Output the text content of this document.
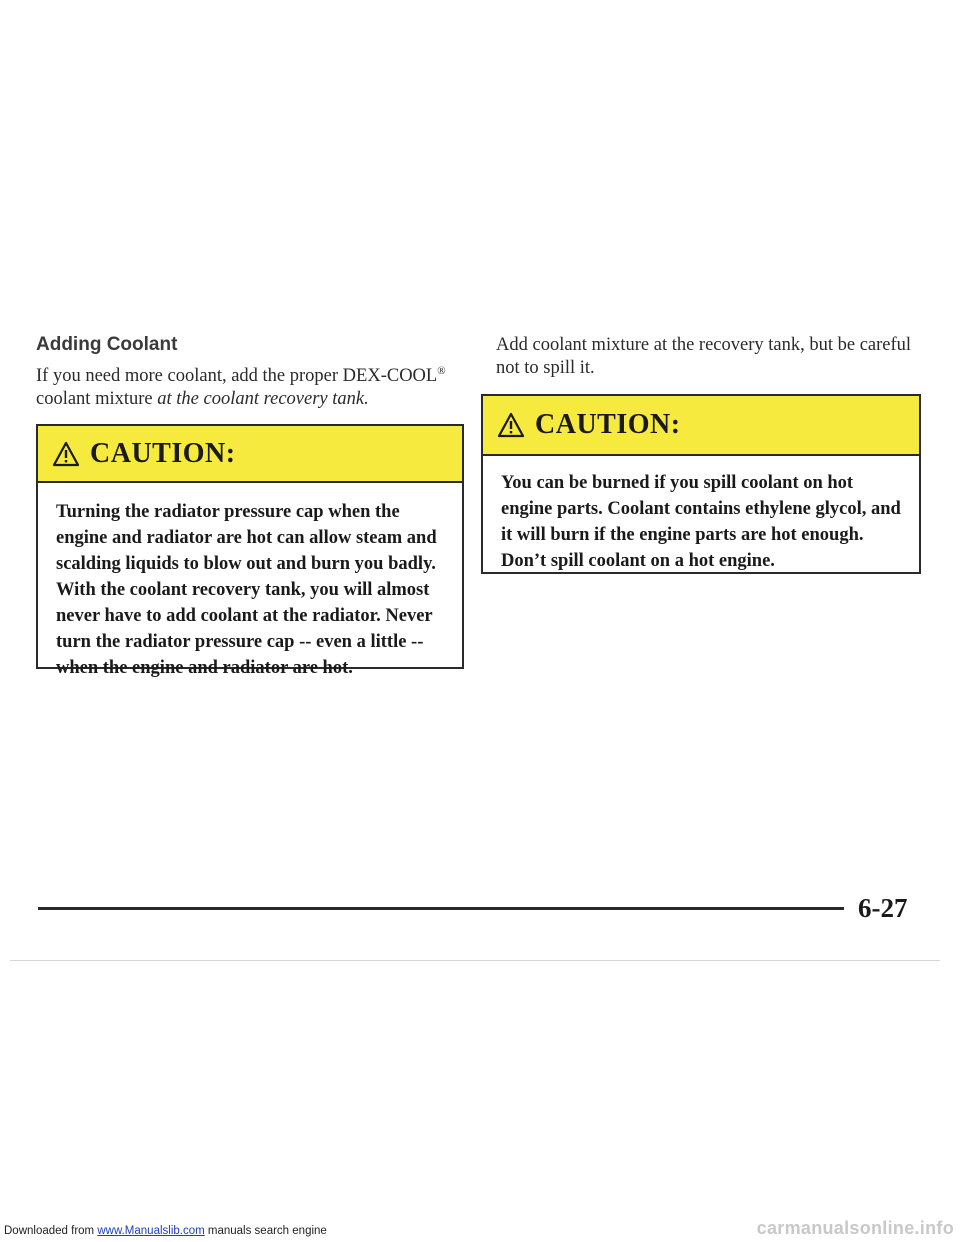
Adding Coolant
If you need more coolant, add the proper DEX-COOL®
coolant mixture at the coolant recovery tank.
CAUTION:
Turning the radiator pressure cap when the engine and radiator are hot can allow steam and scalding liquids to blow out and burn you badly. With the coolant recovery tank, you will almost never have to add coolant at the radiator. Never turn the radiator pressure cap -- even a little -- when the engine and radiator are hot.
Add coolant mixture at the recovery tank, but be careful not to spill it.
CAUTION:
You can be burned if you spill coolant on hot engine parts. Coolant contains ethylene glycol, and it will burn if the engine parts are hot enough. Don’t spill coolant on a hot engine.
6-27
Downloaded from www.Manualslib.com manuals search engine	carmanualsonline.info
